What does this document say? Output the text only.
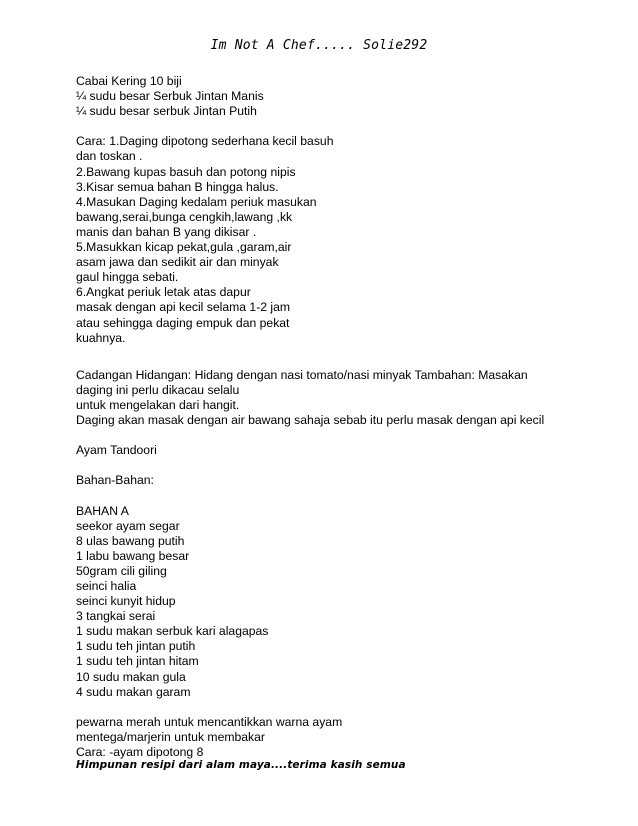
Im Not A Chef..... Solie292
Cabai Kering 10 biji
¼ sudu besar Serbuk Jintan Manis
¼ sudu besar serbuk Jintan Putih
Cara: 1.Daging dipotong sederhana kecil basuh
dan toskan .
2.Bawang kupas basuh dan potong nipis
3.Kisar semua bahan B hingga halus.
4.Masukan Daging kedalam periuk masukan
bawang,serai,bunga cengkih,lawang ,kk
manis dan bahan B yang dikisar .
5.Masukkan kicap pekat,gula ,garam,air
asam jawa dan sedikit air dan minyak
gaul hingga sebati.
6.Angkat periuk letak atas dapur
masak dengan api kecil selama 1-2 jam
atau sehingga daging empuk dan pekat
kuahnya.
Cadangan Hidangan: Hidang dengan nasi tomato/nasi minyak Tambahan: Masakan
daging ini perlu dikacau selalu
untuk mengelakan dari hangit.
Daging akan masak dengan air bawang sahaja sebab itu perlu masak dengan api kecil
Ayam Tandoori
Bahan-Bahan:
BAHAN A
seekor ayam segar
8 ulas bawang putih
1 labu bawang besar
50gram cili giling
seinci halia
seinci kunyit hidup
3 tangkai serai
1 sudu makan serbuk kari alagapas
1 sudu teh jintan putih
1 sudu teh jintan hitam
10 sudu makan gula
4 sudu makan garam
pewarna merah untuk mencantikkan warna ayam
mentega/marjerin untuk membakar
Cara: -ayam dipotong 8
Himpunan resipi dari alam maya....terima kasih semua
